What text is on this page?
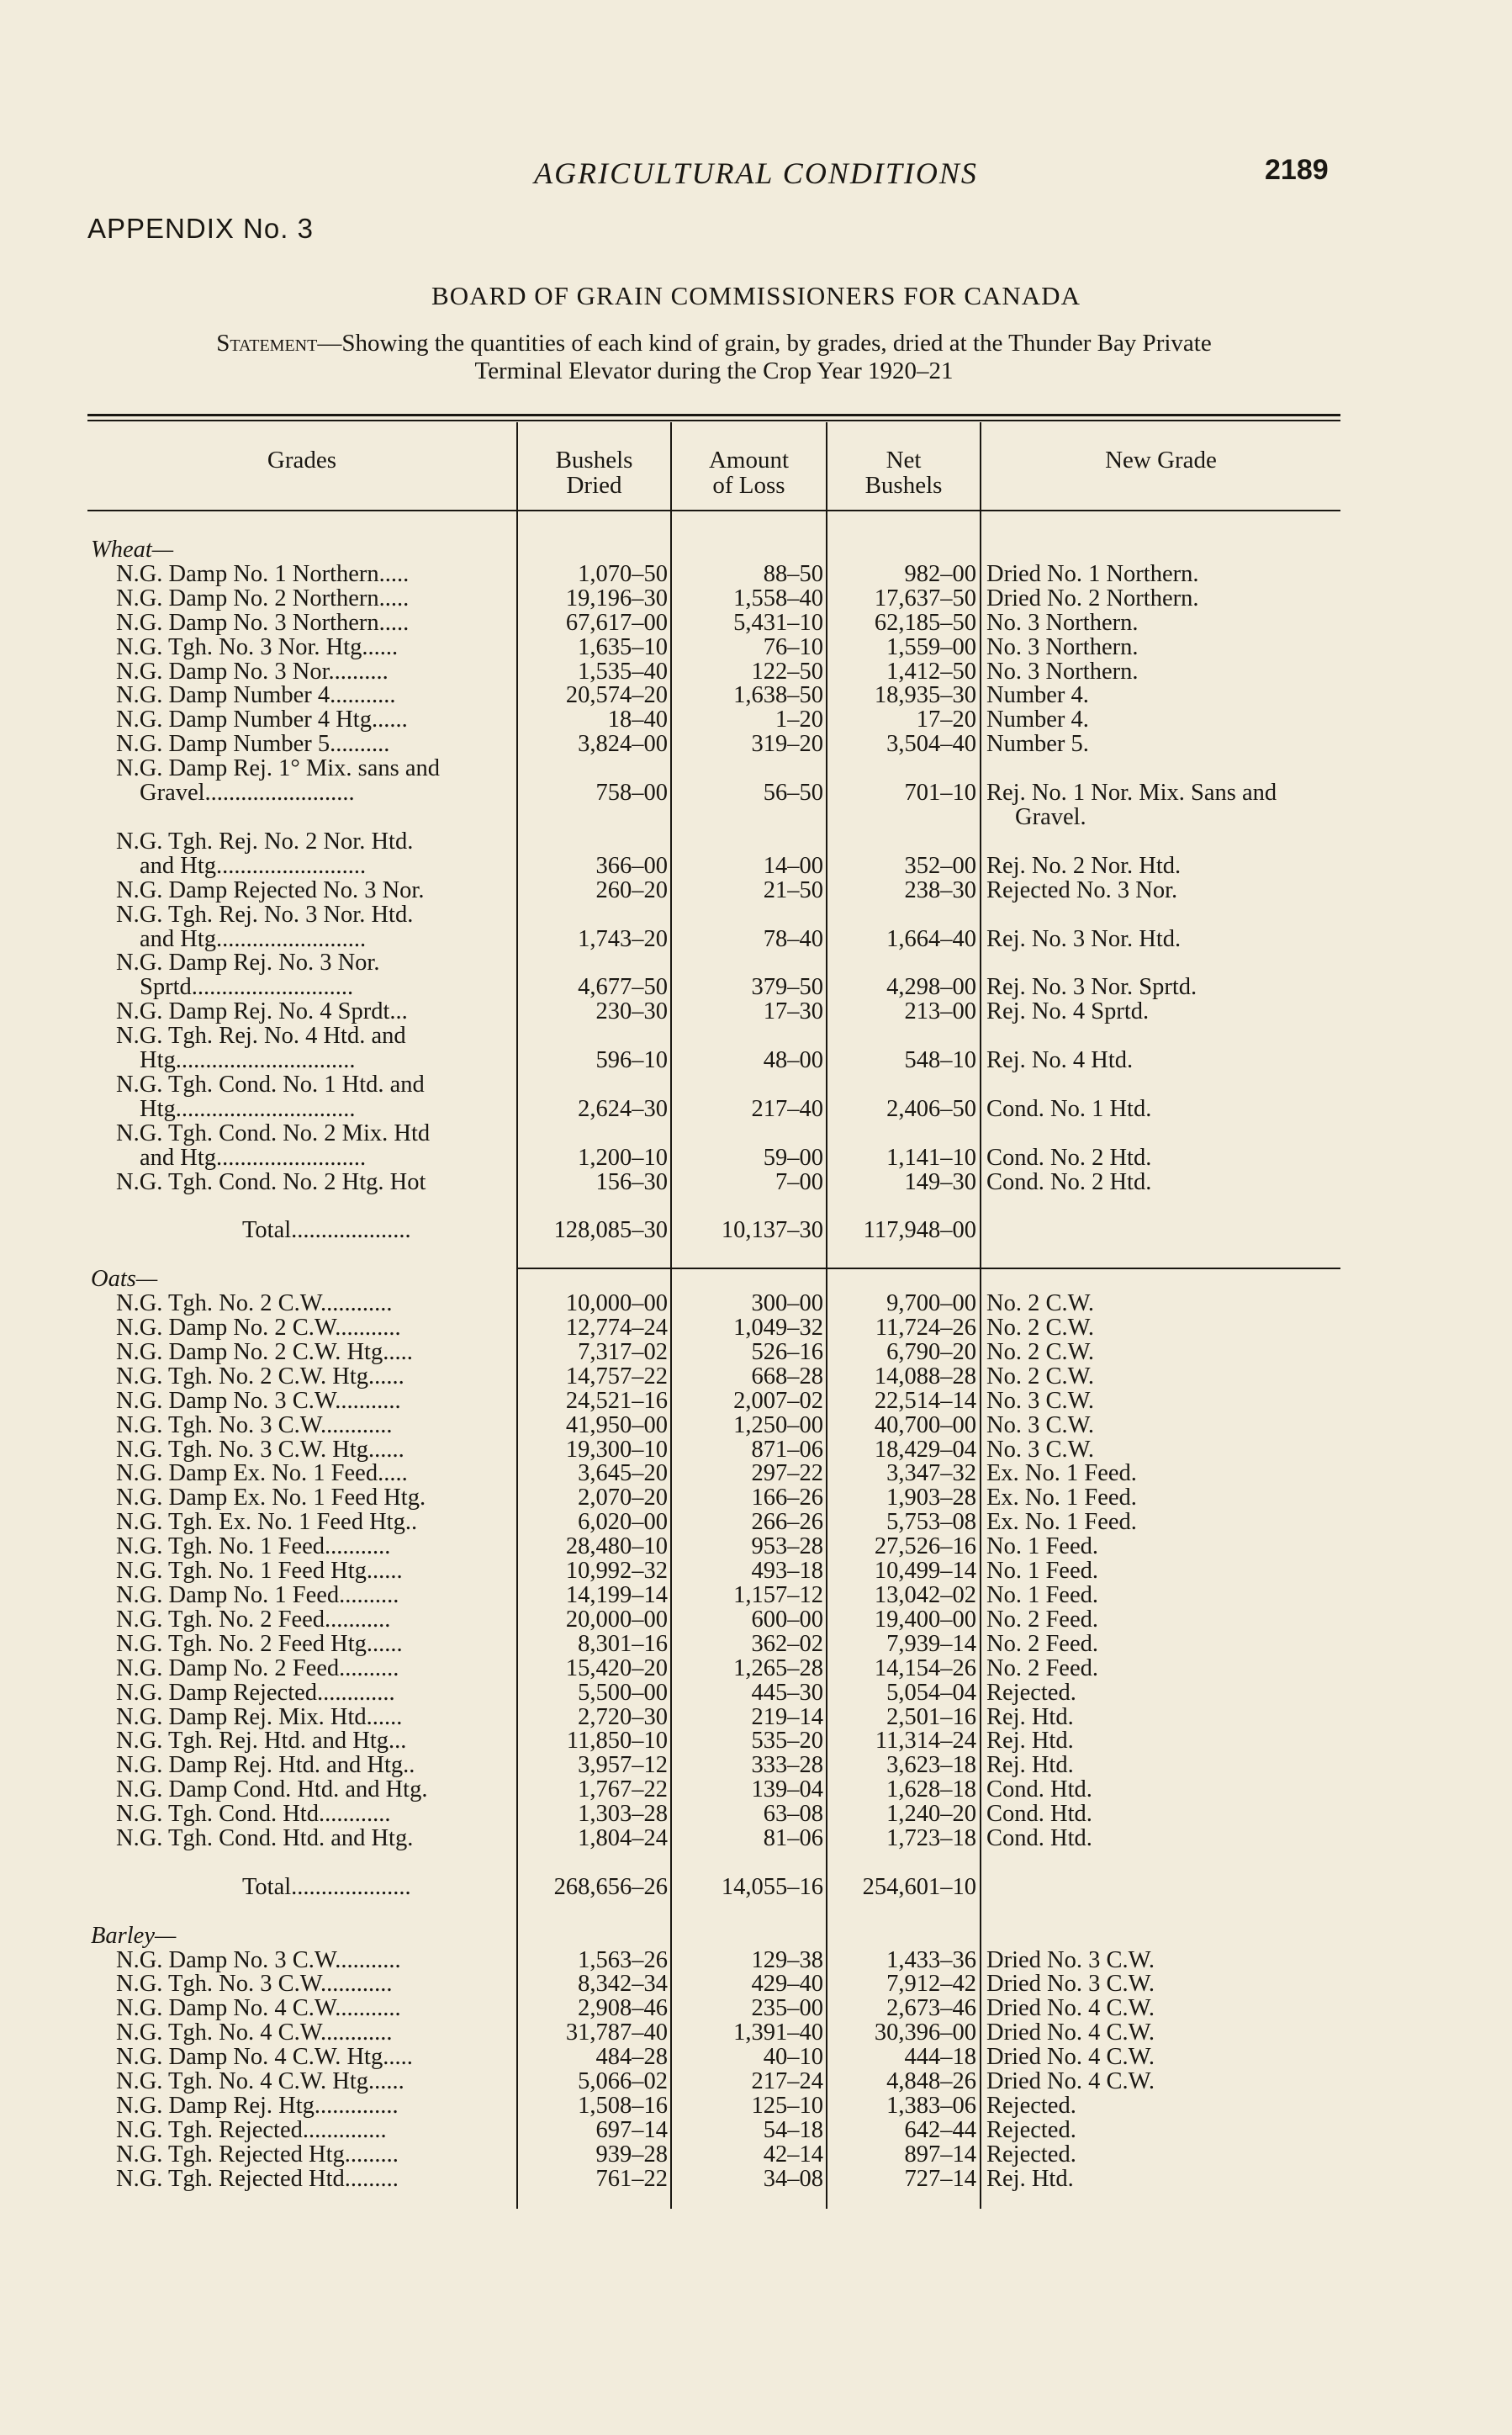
AGRICULTURAL CONDITIONS	2189
APPENDIX No. 3
BOARD OF GRAIN COMMISSIONERS FOR CANADA
Statement—Showing the quantities of each kind of grain, by grades, dried at the Thunder Bay Private
Terminal Elevator during the Crop Year 1920–21
Grades	Bushels
Dried
Amount
of Loss
Net
Bushels
New Grade
Wheat—
N.G. Damp No. 1 Northern.....
N.G. Damp No. 2 Northern.....
N.G. Damp No. 3 Northern.....
N.G. Tgh. No. 3 Nor. Htg......
N.G. Damp No. 3 Nor..........
N.G. Damp Number 4...........
N.G. Damp Number 4 Htg......
N.G. Damp Number 5..........
N.G. Damp Rej. 1° Mix. sans and
Gravel.........................
N.G. Tgh. Rej. No. 2 Nor. Htd.
and Htg.........................
N.G. Damp Rejected No. 3 Nor.
N.G. Tgh. Rej. No. 3 Nor. Htd.
and Htg.........................
N.G. Damp Rej. No. 3 Nor.
Sprtd...........................
N.G. Damp Rej. No. 4 Sprdt...
N.G. Tgh. Rej. No. 4 Htd. and
Htg..............................
N.G. Tgh. Cond. No. 1 Htd. and
Htg..............................
N.G. Tgh. Cond. No. 2 Mix. Htd
and Htg.........................
N.G. Tgh. Cond. No. 2 Htg. Hot
Total....................
Oats—
N.G. Tgh. No. 2 C.W............
N.G. Damp No. 2 C.W...........
N.G. Damp No. 2 C.W. Htg.....
N.G. Tgh. No. 2 C.W. Htg......
N.G. Damp No. 3 C.W...........
N.G. Tgh. No. 3 C.W............
N.G. Tgh. No. 3 C.W. Htg......
N.G. Damp Ex. No. 1 Feed.....
N.G. Damp Ex. No. 1 Feed Htg.
N.G. Tgh. Ex. No. 1 Feed Htg..
N.G. Tgh. No. 1 Feed...........
N.G. Tgh. No. 1 Feed Htg......
N.G. Damp No. 1 Feed..........
N.G. Tgh. No. 2 Feed...........
N.G. Tgh. No. 2 Feed Htg......
N.G. Damp No. 2 Feed..........
N.G. Damp Rejected.............
N.G. Damp Rej. Mix. Htd......
N.G. Tgh. Rej. Htd. and Htg...
N.G. Damp Rej. Htd. and Htg..
N.G. Damp Cond. Htd. and Htg.
N.G. Tgh. Cond. Htd............
N.G. Tgh. Cond. Htd. and Htg.
Total....................
Barley—
N.G. Damp No. 3 C.W...........
N.G. Tgh. No. 3 C.W............
N.G. Damp No. 4 C.W...........
N.G. Tgh. No. 4 C.W............
N.G. Damp No. 4 C.W. Htg.....
N.G. Tgh. No. 4 C.W. Htg......
N.G. Damp Rej. Htg..............
N.G. Tgh. Rejected..............
N.G. Tgh. Rejected Htg.........
N.G. Tgh. Rejected Htd.........
1,070–50
19,196–30
67,617–00
1,635–10
1,535–40
20,574–20
18–40
3,824–00
758–00
366–00
260–20
1,743–20
4,677–50
230–30
596–10
2,624–30
1,200–10
156–30
128,085–30
10,000–00
12,774–24
7,317–02
14,757–22
24,521–16
41,950–00
19,300–10
3,645–20
2,070–20
6,020–00
28,480–10
10,992–32
14,199–14
20,000–00
8,301–16
15,420–20
5,500–00
2,720–30
11,850–10
3,957–12
1,767–22
1,303–28
1,804–24
268,656–26
1,563–26
8,342–34
2,908–46
31,787–40
484–28
5,066–02
1,508–16
697–14
939–28
761–22
88–50
1,558–40
5,431–10
76–10
122–50
1,638–50
1–20
319–20
56–50
14–00
21–50
78–40
379–50
17–30
48–00
217–40
59–00
7–00
10,137–30
300–00
1,049–32
526–16
668–28
2,007–02
1,250–00
871–06
297–22
166–26
266–26
953–28
493–18
1,157–12
600–00
362–02
1,265–28
445–30
219–14
535–20
333–28
139–04
63–08
81–06
14,055–16
129–38
429–40
235–00
1,391–40
40–10
217–24
125–10
54–18
42–14
34–08
982–00
17,637–50
62,185–50
1,559–00
1,412–50
18,935–30
17–20
3,504–40
701–10
352–00
238–30
1,664–40
4,298–00
213–00
548–10
2,406–50
1,141–10
149–30
117,948–00
9,700–00
11,724–26
6,790–20
14,088–28
22,514–14
40,700–00
18,429–04
3,347–32
1,903–28
5,753–08
27,526–16
10,499–14
13,042–02
19,400–00
7,939–14
14,154–26
5,054–04
2,501–16
11,314–24
3,623–18
1,628–18
1,240–20
1,723–18
254,601–10
1,433–36
7,912–42
2,673–46
30,396–00
444–18
4,848–26
1,383–06
642–44
897–14
727–14
Dried No. 1 Northern.
Dried No. 2 Northern.
No. 3 Northern.
No. 3 Northern.
No. 3 Northern.
Number 4.
Number 4.
Number 5.
Rej. No. 1 Nor. Mix. Sans and
Gravel.
Rej. No. 2 Nor. Htd.
Rejected No. 3 Nor.
Rej. No. 3 Nor. Htd.
Rej. No. 3 Nor. Sprtd.
Rej. No. 4 Sprtd.
Rej. No. 4 Htd.
Cond. No. 1 Htd.
Cond. No. 2 Htd.
Cond. No. 2 Htd.
No. 2 C.W.
No. 2 C.W.
No. 2 C.W.
No. 2 C.W.
No. 3 C.W.
No. 3 C.W.
No. 3 C.W.
Ex. No. 1 Feed.
Ex. No. 1 Feed.
Ex. No. 1 Feed.
No. 1 Feed.
No. 1 Feed.
No. 1 Feed.
No. 2 Feed.
No. 2 Feed.
No. 2 Feed.
Rejected.
Rej. Htd.
Rej. Htd.
Rej. Htd.
Cond. Htd.
Cond. Htd.
Cond. Htd.
Dried No. 3 C.W.
Dried No. 3 C.W.
Dried No. 4 C.W.
Dried No. 4 C.W.
Dried No. 4 C.W.
Dried No. 4 C.W.
Rejected.
Rejected.
Rejected.
Rej. Htd.
